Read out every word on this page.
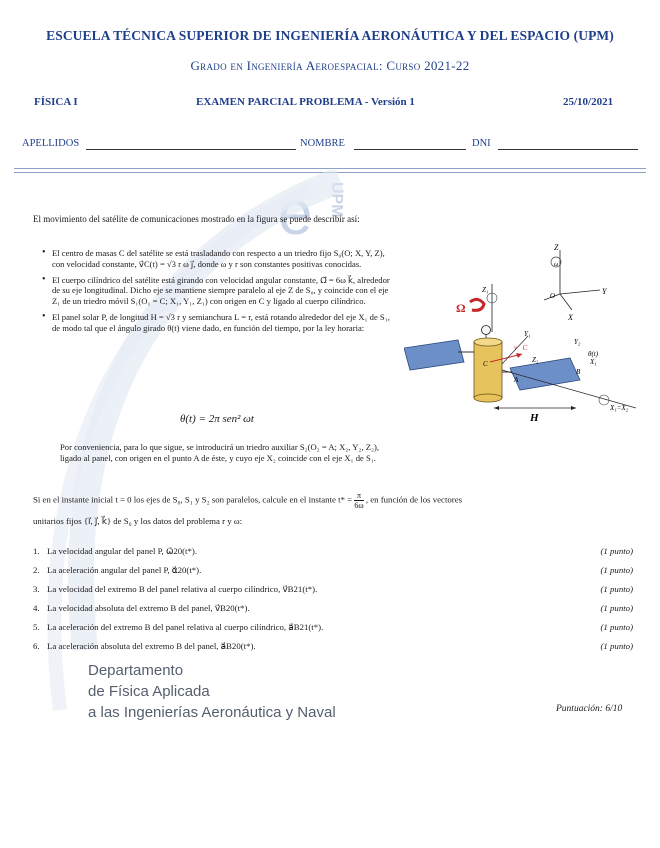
ESCUELA TÉCNICA SUPERIOR DE INGENIERÍA AERONÁUTICA Y DEL ESPACIO (UPM)
Grado en Ingeniería Aeroespacial: Curso 2021-22
FÍSICA I	EXAMEN PARCIAL PROBLEMA - Versión 1	25/10/2021
APELLIDOS	NOMBRE	DNI
e UPM
El movimiento del satélite de comunicaciones mostrado en la figura se puede describir así:
• El centro de masas C del satélite se está trasladando con respecto a un triedro fijo S₀(O; X, Y, Z), con velocidad constante, v⃗C(t) = √3 r ω j⃗, donde ω y r son constantes positivas conocidas.
• El cuerpo cilíndrico del satélite está girando con velocidad angular constante, Ω⃗ = 6ω k⃗, alrededor de su eje longitudinal. Dicho eje se mantiene siempre paralelo al eje Z de S₀, y coincide con el eje Z₁ de un triedro móvil S₁(O₁ = C; X₁, Y₁, Z₁) con origen en C y ligado al cuerpo cilíndrico.
• El panel solar P, de longitud H = √3 r y semianchura L = r, está rotando alrededor del eje X₁ de S₁, de modo tal que el ángulo girado θ(t) viene dado, en función del tiempo, por la ley horaria:
θ(t) = 2π sen² ωt
Por conveniencia, para lo que sigue, se introducirá un triedro auxiliar S₂(O₂ = A; X₂, Y₂, Z₂), ligado al panel, con origen en el punto A de éste, y cuyo eje X₂ coincide con el eje X₁ de S₁.
Si en el instante inicial t = 0 los ejes de S₀, S₁ y S₂ son paralelos, calcule en el instante $t* = \frac{\pi}{6\omega}$ , en función de los vectores
unitarios fijos {i⃗, j⃗, k⃗} de S₀ y los datos del problema r y ω:
1. La velocidad angular del panel P, ω⃗20(t*).	(1 punto)
2. La aceleración angular del panel P, α⃗20(t*).	(1 punto)
3. La velocidad del extremo B del panel relativa al cuerpo cilíndrico, v⃗B21(t*).	(1 punto)
4. La velocidad absoluta del extremo B del panel, v⃗B20(t*).	(1 punto)
5. La aceleración del extremo B del panel relativa al cuerpo cilíndrico, a⃗B21(t*).	(1 punto)
6. La aceleración absoluta del extremo B del panel, a⃗B20(t*).	(1 punto)
Departamento
de Física Aplicada
a las Ingenierías Aeronáutica y Naval	Puntuación: 6/10
Z
X
Y
O
ω
Ω
Z₁
C
v⃗C
Y₁
A
B
Z₂
Y₂
θ(t)
X₁
X₁=X₂
H
